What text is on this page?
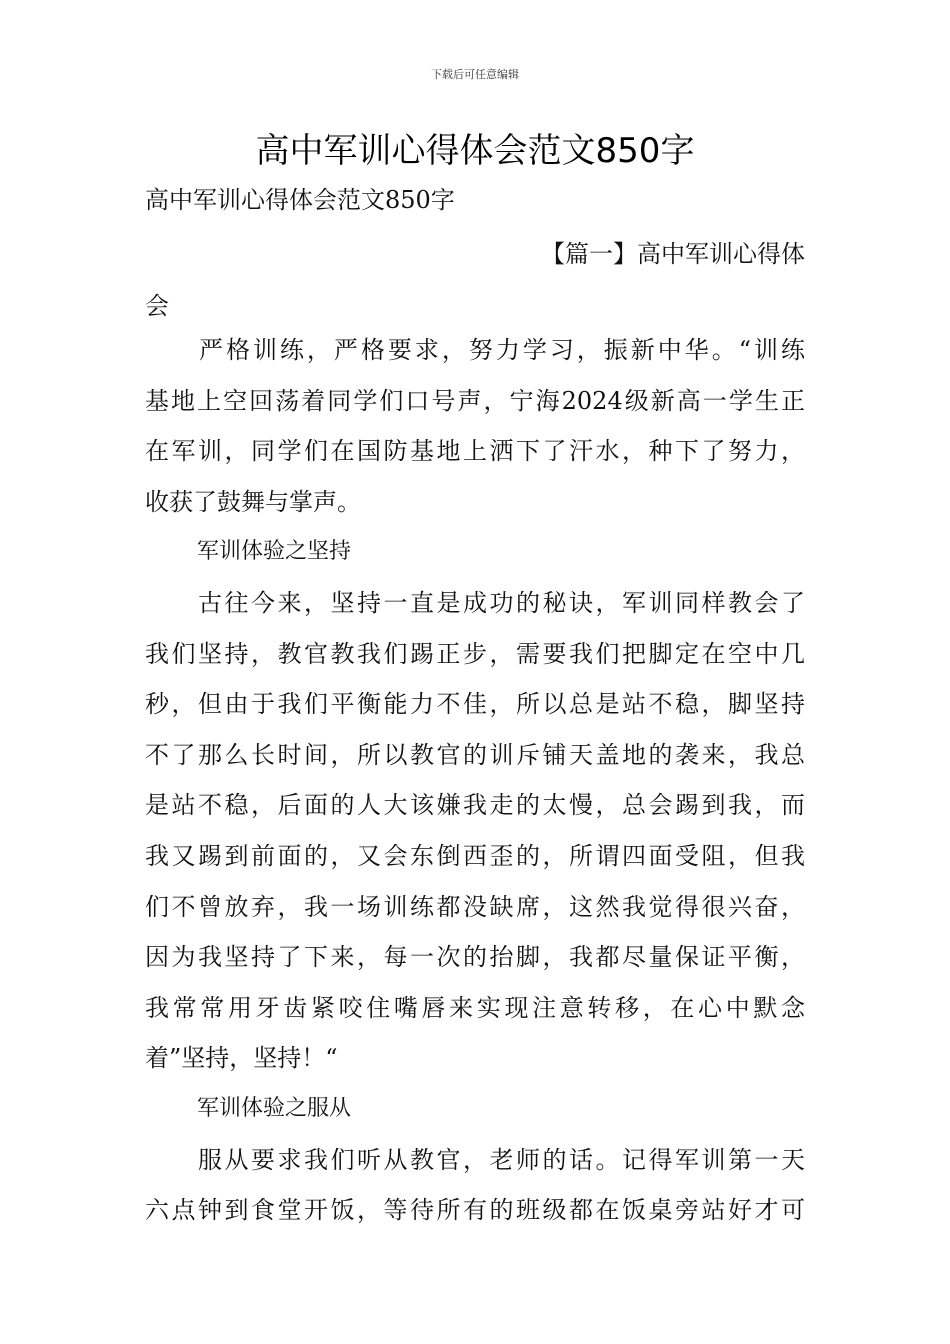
下载后可任意编辑
高中军训心得体会范文850字
高中军训心得体会范文850字
【篇一】高中军训心得体
会

　　严格训练，严格要求，努力学习，振新中华。“训练
基地上空回荡着同学们口号声，宁海2024级新高一学生正
在军训，同学们在国防基地上洒下了汗水，种下了努力，
收获了鼓舞与掌声。

军训体验之坚持

　　古往今来，坚持一直是成功的秘诀，军训同样教会了
我们坚持，教官教我们踢正步，需要我们把脚定在空中几
秒，但由于我们平衡能力不佳，所以总是站不稳，脚坚持
不了那么长时间，所以教官的训斥铺天盖地的袭来，我总
是站不稳，后面的人大该嫌我走的太慢，总会踢到我，而
我又踢到前面的，又会东倒西歪的，所谓四面受阻，但我
们不曾放弃，我一场训练都没缺席，这然我觉得很兴奋，
因为我坚持了下来，每一次的抬脚，我都尽量保证平衡，
我常常用牙齿紧咬住嘴唇来实现注意转移，在心中默念
着”坚持，坚持！“

军训体验之服从

　　服从要求我们听从教官，老师的话。记得军训第一天
六点钟到食堂开饭，等待所有的班级都在饭桌旁站好才可
